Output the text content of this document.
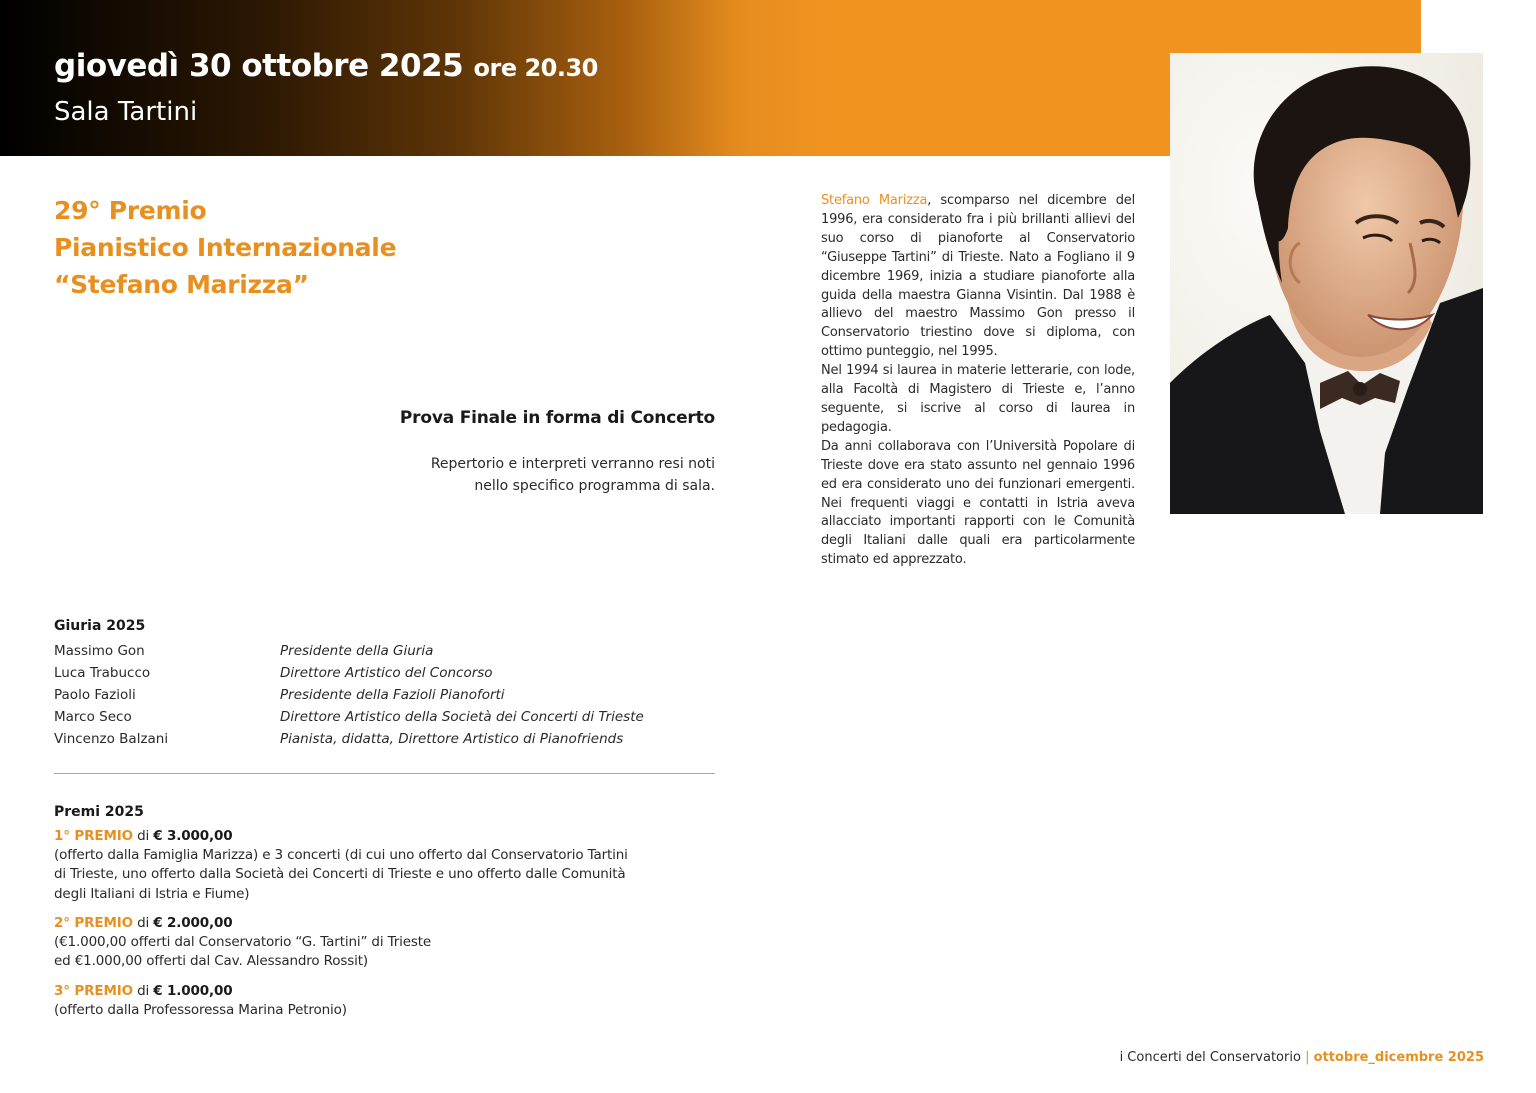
giovedì 30 ottobre 2025 ore 20.30
Sala Tartini
29° Premio
Pianistico Internazionale
“Stefano Marizza”
Prova Finale in forma di Concerto
Repertorio e interpreti verranno resi noti
nello specifico programma di sala.

Stefano Marizza, scomparso nel dicembre del 1996, era considerato fra i più brillanti allievi del suo corso di pianoforte al Conservatorio “Giuseppe Tartini” di Trieste. Nato a Fogliano il 9 dicembre 1969, inizia a studiare pianoforte alla guida della maestra Gianna Visintin. Dal 1988 è allievo del maestro Massimo Gon presso il Conservatorio triestino dove si diploma, con ottimo punteggio, nel 1995.

Nel 1994 si laurea in materie letterarie, con lode, alla Facoltà di Magistero di Trieste e, l’anno seguente, si iscrive al corso di laurea in pedagogia.

Da anni collaborava con l’Università Popolare di Trieste dove era stato assunto nel gennaio 1996 ed era considerato uno dei funzionari emergenti. Nei frequenti viaggi e contatti in Istria aveva allacciato importanti rapporti con le Comunità degli Italiani dalle quali era particolarmente stimato ed apprezzato.

Giuria 2025
Massimo Gon	Presidente della Giuria
Luca Trabucco	Direttore Artistico del Concorso
Paolo Fazioli	Presidente della Fazioli Pianoforti
Marco Seco	Direttore Artistico della Società dei Concerti di Trieste
Vincenzo Balzani	Pianista, didatta, Direttore Artistico di Pianofriends
Premi 2025
1° PREMIO di € 3.000,00
(offerto dalla Famiglia Marizza) e 3 concerti (di cui uno offerto dal Conservatorio Tartini
di Trieste, uno offerto dalla Società dei Concerti di Trieste e uno offerto dalle Comunità
degli Italiani di Istria e Fiume)
2° PREMIO di € 2.000,00
(€1.000,00 offerti dal Conservatorio “G. Tartini” di Trieste
ed €1.000,00 offerti dal Cav. Alessandro Rossit)
3° PREMIO di € 1.000,00
(offerto dalla Professoressa Marina Petronio)
i Concerti del Conservatorio | ottobre_dicembre 2025
